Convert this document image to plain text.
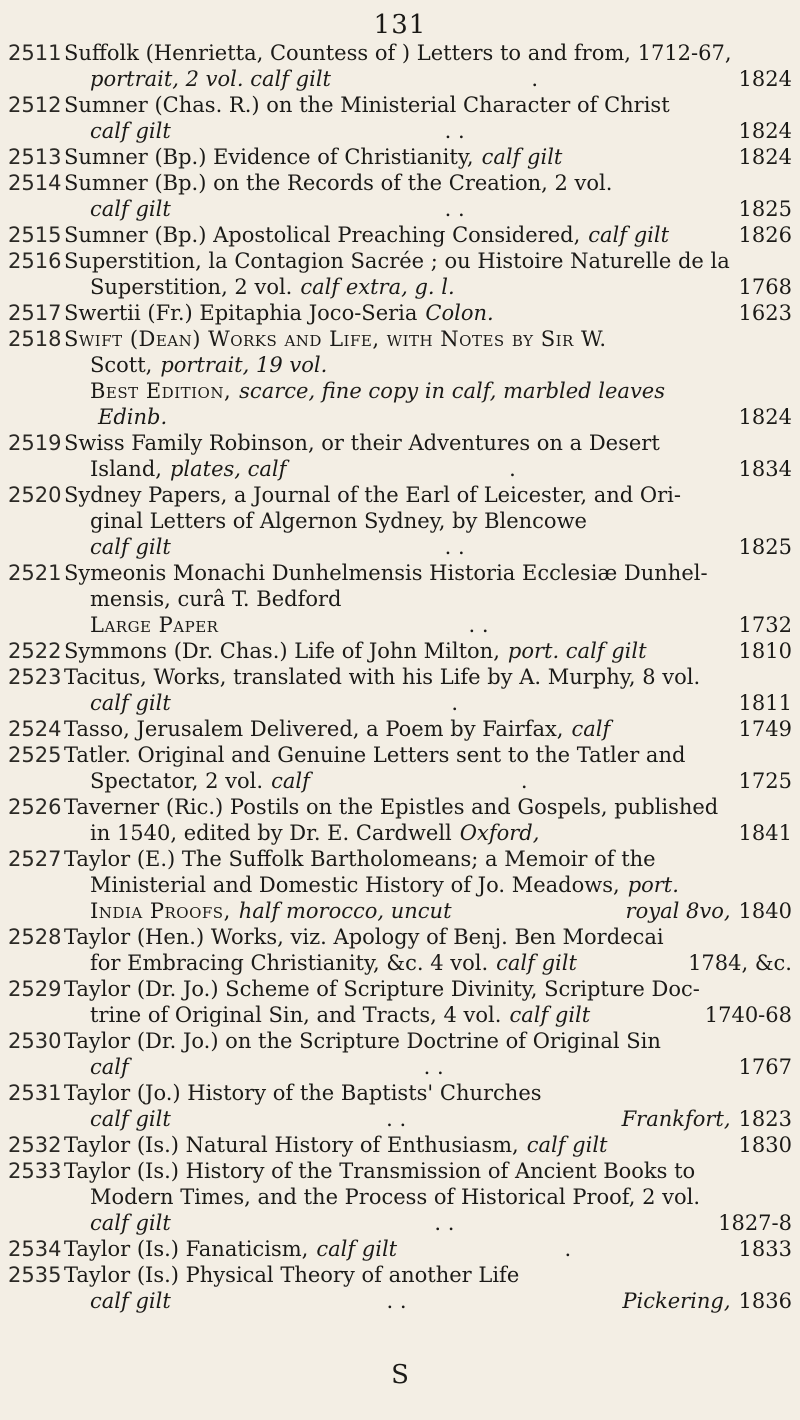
131
2511 Suffolk (Henrietta, Countess of ) Letters to and from, 1712-67,
portrait, 2 vol. calf gilt	.	1824
2512 Sumner (Chas. R.) on the Ministerial Character of Christ
calf gilt	. .	1824
2513 Sumner (Bp.) Evidence of Christianity, calf gilt	1824
2514 Sumner (Bp.) on the Records of the Creation, 2 vol.
calf gilt	. .	1825
2515 Sumner (Bp.) Apostolical Preaching Considered, calf gilt	1826
2516 Superstition, la Contagion Sacrée ; ou Histoire Naturelle de la
Superstition, 2 vol. calf extra, g. l.	1768
2517 Swertii (Fr.) Epitaphia Joco-Seria Colon.	1623
2518 Swift (Dean) Works and Life, with Notes by Sir W.
Scott, portrait, 19 vol.
Best Edition, scarce, fine copy in calf, marbled leaves
Edinb.	1824
2519 Swiss Family Robinson, or their Adventures on a Desert
Island, plates, calf	.	1834
2520 Sydney Papers, a Journal of the Earl of Leicester, and Ori-
ginal Letters of Algernon Sydney, by Blencowe
calf gilt	. .	1825
2521 Symeonis Monachi Dunhelmensis Historia Ecclesiæ Dunhel-
mensis, curâ T. Bedford
Large Paper	. .	1732
2522 Symmons (Dr. Chas.) Life of John Milton, port. calf gilt	1810
2523 Tacitus, Works, translated with his Life by A. Murphy, 8 vol.
calf gilt	.	1811
2524 Tasso, Jerusalem Delivered, a Poem by Fairfax, calf	1749
2525 Tatler. Original and Genuine Letters sent to the Tatler and
Spectator, 2 vol. calf	.	1725
2526 Taverner (Ric.) Postils on the Epistles and Gospels, published
in 1540, edited by Dr. E. Cardwell Oxford,	1841
2527 Taylor (E.) The Suffolk Bartholomeans; a Memoir of the
Ministerial and Domestic History of Jo. Meadows, port.
India Proofs, half morocco, uncut	royal 8vo, 1840
2528 Taylor (Hen.) Works, viz. Apology of Benj. Ben Mordecai
for Embracing Christianity, &c. 4 vol. calf gilt	1784, &c.
2529 Taylor (Dr. Jo.) Scheme of Scripture Divinity, Scripture Doc-
trine of Original Sin, and Tracts, 4 vol. calf gilt	1740-68
2530 Taylor (Dr. Jo.) on the Scripture Doctrine of Original Sin
calf	. .	1767
2531 Taylor (Jo.) History of the Baptists' Churches
calf gilt	. .	Frankfort, 1823
2532 Taylor (Is.) Natural History of Enthusiasm, calf gilt	1830
2533 Taylor (Is.) History of the Transmission of Ancient Books to
Modern Times, and the Process of Historical Proof, 2 vol.
calf gilt	. .	1827-8
2534 Taylor (Is.) Fanaticism, calf gilt	.	1833
2535 Taylor (Is.) Physical Theory of another Life
calf gilt	. .	Pickering, 1836
S
